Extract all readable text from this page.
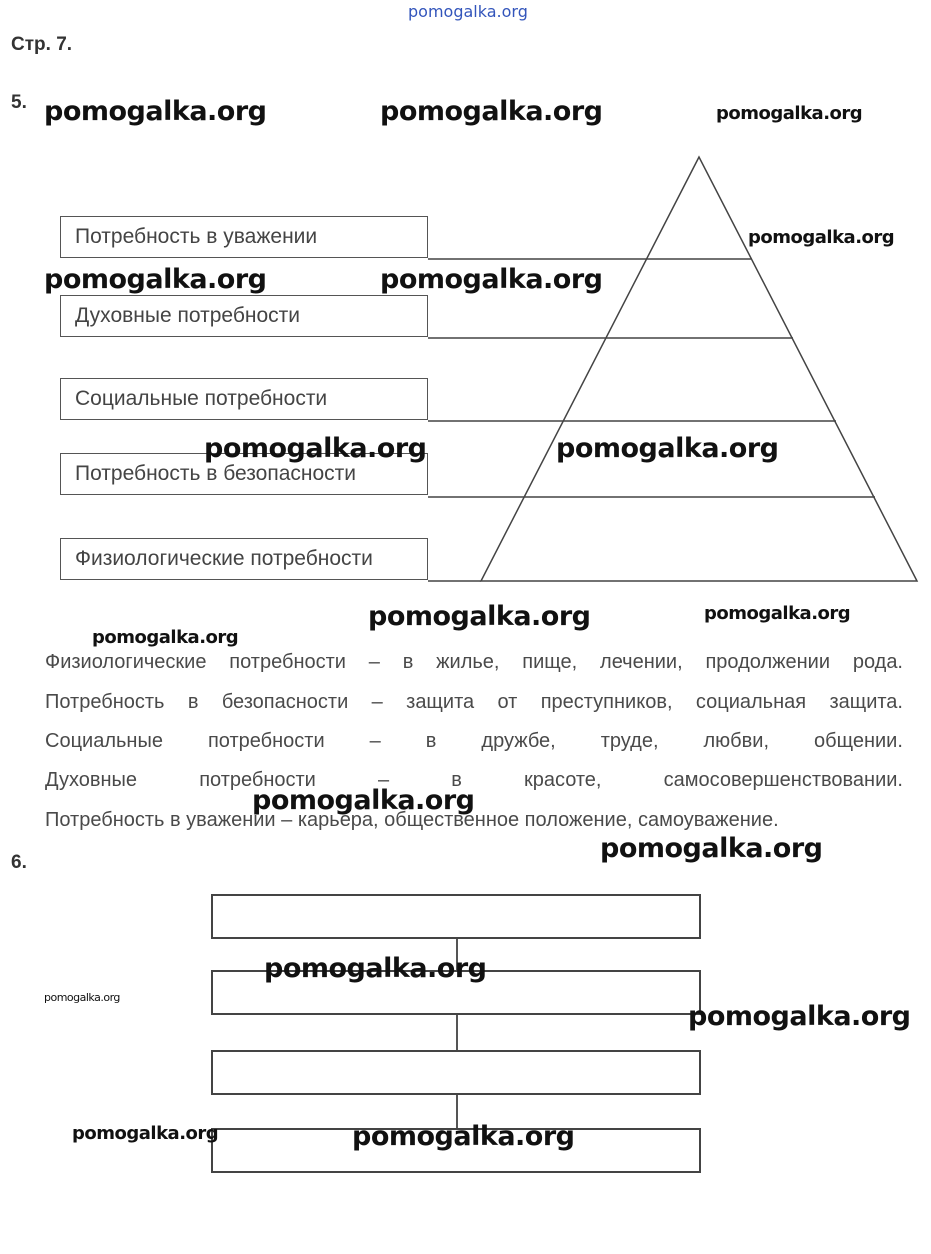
pomogalka.org
Стр. 7.
5.
Потребность в уважении
Духовные потребности
Социальные потребности
Потребность в безопасности
Физиологические потребности
Физиологические потребности – в жилье, пище, лечении, продолжении рода.
Потребность в безопасности – защита от преступников, социальная защита.
Социальные потребности – в дружбе, труде, любви, общении.
Духовные	потребности	–	в	красоте,	самосовершенствовании.
Потребность в уважении – карьера, общественное положение, самоуважение.
6.
pomogalka.org	pomogalka.org	pomogalka.org
pomogalka.org
pomogalka.org	pomogalka.org
pomogalka.org	pomogalka.org
pomogalka.org	pomogalka.org
pomogalka.org
pomogalka.org
pomogalka.org
pomogalka.org
pomogalka.org
pomogalka.org
pomogalka.org	pomogalka.org
